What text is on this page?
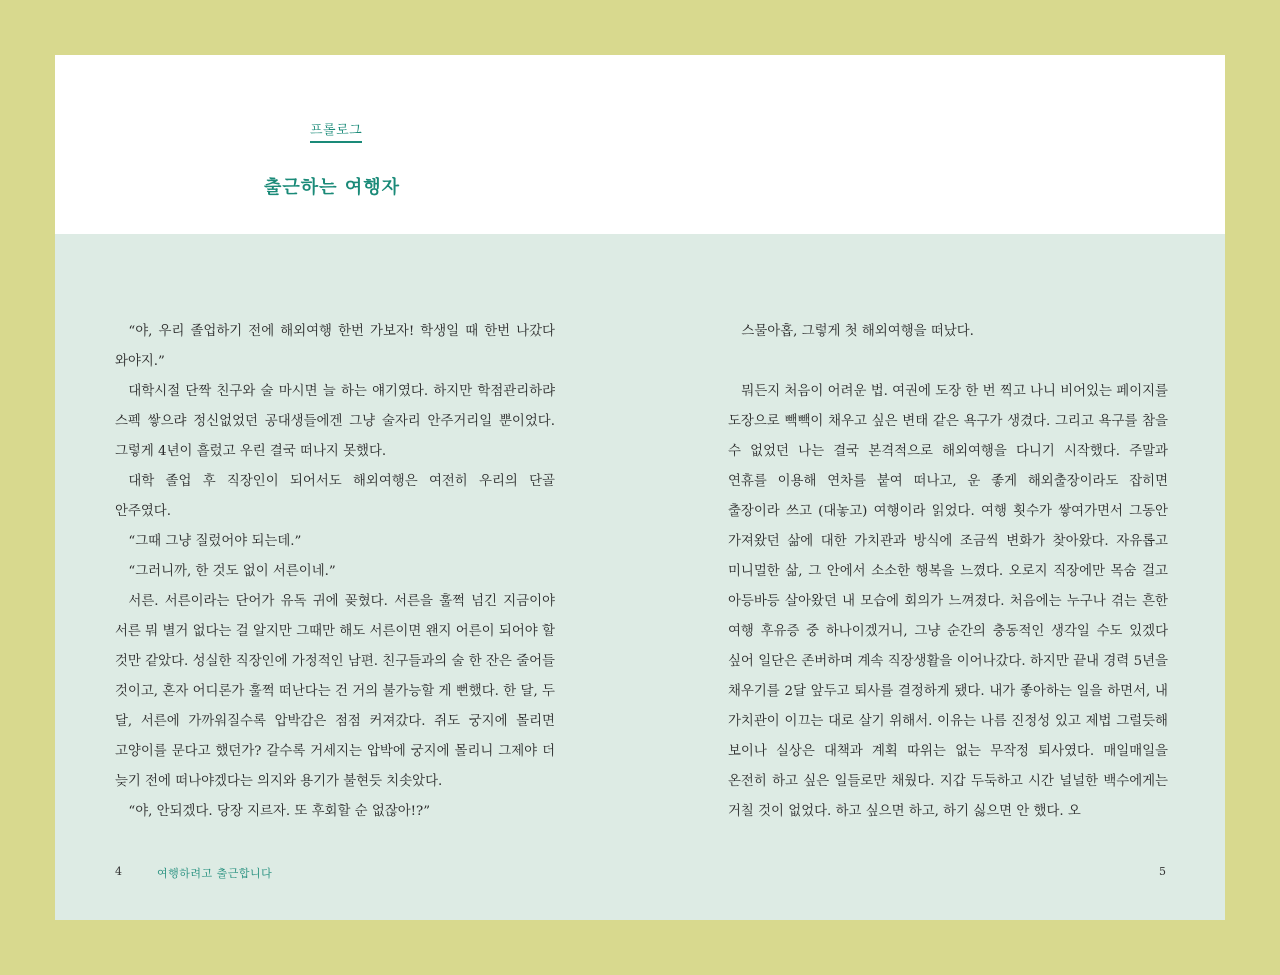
프롤로그
출근하는 여행자

“야, 우리 졸업하기 전에 해외여행 한번 가보자! 학생일 때 한번 나갔다 와야지.”

대학시절 단짝 친구와 술 마시면 늘 하는 얘기였다. 하지만 학점관리하랴 스펙 쌓으랴 정신없었던 공대생들에겐 그냥 술자리 안주거리일 뿐이었다. 그렇게 4년이 흘렀고 우린 결국 떠나지 못했다.

대학 졸업 후 직장인이 되어서도 해외여행은 여전히 우리의 단골 안주였다.

“그때 그냥 질렀어야 되는데.”

“그러니까, 한 것도 없이 서른이네.”

서른. 서른이라는 단어가 유독 귀에 꽂혔다. 서른을 훌쩍 넘긴 지금이야 서른 뭐 별거 없다는 걸 알지만 그때만 해도 서른이면 왠지 어른이 되어야 할 것만 같았다. 성실한 직장인에 가정적인 남편. 친구들과의 술 한 잔은 줄어들 것이고, 혼자 어디론가 훌쩍 떠난다는 건 거의 불가능할 게 뻔했다. 한 달, 두 달, 서른에 가까워질수록 압박감은 점점 커져갔다. 쥐도 궁지에 몰리면 고양이를 문다고 했던가? 갈수록 거세지는 압박에 궁지에 몰리니 그제야 더 늦기 전에 떠나야겠다는 의지와 용기가 불현듯 치솟았다.

“야, 안되겠다. 당장 지르자. 또 후회할 순 없잖아!?”

스물아홉, 그렇게 첫 해외여행을 떠났다.

뭐든지 처음이 어려운 법. 여권에 도장 한 번 찍고 나니 비어있는 페이지를 도장으로 빽빽이 채우고 싶은 변태 같은 욕구가 생겼다. 그리고 욕구를 참을 수 없었던 나는 결국 본격적으로 해외여행을 다니기 시작했다. 주말과 연휴를 이용해 연차를 붙여 떠나고, 운 좋게 해외출장이라도 잡히면 출장이라 쓰고 (대놓고) 여행이라 읽었다. 여행 횟수가 쌓여가면서 그동안 가져왔던 삶에 대한 가치관과 방식에 조금씩 변화가 찾아왔다. 자유롭고 미니멀한 삶, 그 안에서 소소한 행복을 느꼈다. 오로지 직장에만 목숨 걸고 아등바등 살아왔던 내 모습에 회의가 느껴졌다. 처음에는 누구나 겪는 흔한 여행 후유증 중 하나이겠거니, 그냥 순간의 충동적인 생각일 수도 있겠다 싶어 일단은 존버하며 계속 직장생활을 이어나갔다. 하지만 끝내 경력 5년을 채우기를 2달 앞두고 퇴사를 결정하게 됐다. 내가 좋아하는 일을 하면서, 내 가치관이 이끄는 대로 살기 위해서. 이유는 나름 진정성 있고 제법 그럴듯해 보이나 실상은 대책과 계획 따위는 없는 무작정 퇴사였다. 매일매일을 온전히 하고 싶은 일들로만 채웠다. 지갑 두둑하고 시간 널널한 백수에게는 거칠 것이 없었다. 하고 싶으면 하고, 하기 싫으면 안 했다. 오

4	여행하려고 출근합니다	5
